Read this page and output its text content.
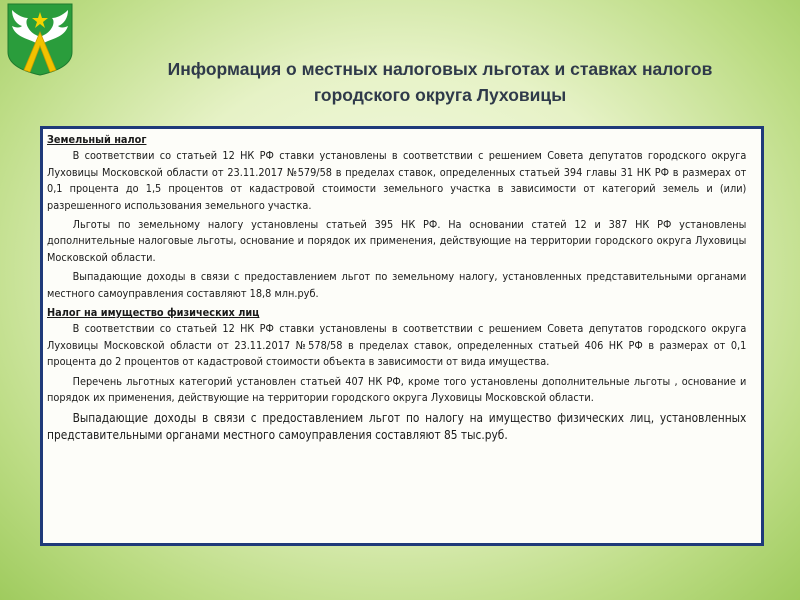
Информация о местных налоговых льготах и ставках налогов
городского округа Луховицы
Земельный налог

В соответствии со статьей 12 НК РФ ставки установлены в соответствии с решением Совета депутатов городского округа Луховицы Московской области от 23.11.2017 №579/58 в пределах ставок, определенных статьей 394 главы 31 НК РФ в размерах от 0,1 процента до 1,5 процентов от кадастровой стоимости земельного участка в зависимости от категорий земель и (или) разрешенного использования земельного участка.

Льготы по земельному налогу установлены статьей 395 НК РФ. На основании статей 12 и 387 НК РФ установлены дополнительные налоговые льготы, основание и порядок их применения, действующие на территории городского округа Луховицы Московской области.

Выпадающие доходы в связи с предоставлением льгот по земельному налогу, установленных представительными органами местного самоуправления составляют 18,8 млн.руб.

Налог на имущество физических лиц

В соответствии со статьей 12 НК РФ ставки установлены в соответствии с решением Совета депутатов городского округа Луховицы Московской области от 23.11.2017 №578/58 в пределах ставок, определенных статьей 406 НК РФ в размерах от 0,1 процента до 2 процентов от кадастровой стоимости объекта в зависимости от вида имущества.

Перечень льготных категорий установлен статьей 407 НК РФ, кроме того установлены дополнительные льготы , основание и порядок их применения, действующие на территории городского округа Луховицы Московской области.

Выпадающие доходы в связи с предоставлением льгот по налогу на имущество физических лиц, установленных представительными органами местного самоуправления составляют 85 тыс.руб.
